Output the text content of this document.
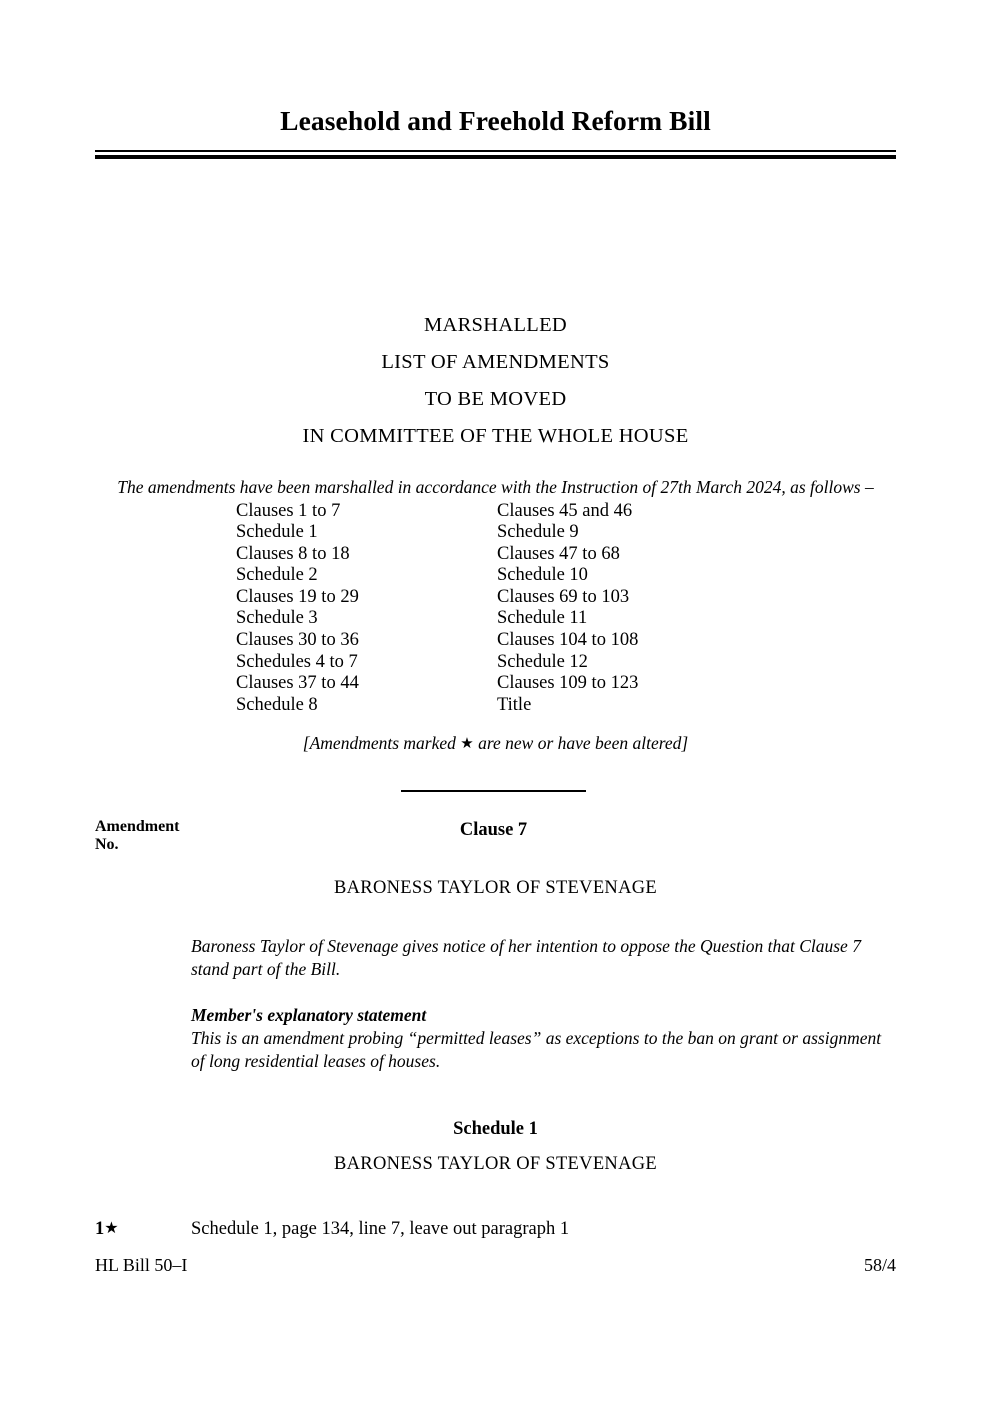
Leasehold and Freehold Reform Bill
MARSHALLED
LIST OF AMENDMENTS
TO BE MOVED
IN COMMITTEE OF THE WHOLE HOUSE
The amendments have been marshalled in accordance with the Instruction of 27th March 2024, as follows –
Clauses 1 to 7
Schedule 1
Clauses 8 to 18
Schedule 2
Clauses 19 to 29
Schedule 3
Clauses 30 to 36
Schedules 4 to 7
Clauses 37 to 44
Schedule 8
Clauses 45 and 46
Schedule 9
Clauses 47 to 68
Schedule 10
Clauses 69 to 103
Schedule 11
Clauses 104 to 108
Schedule 12
Clauses 109 to 123
Title
[Amendments marked ★ are new or have been altered]
Amendment
No.
Clause 7
BARONESS TAYLOR OF STEVENAGE
Baroness Taylor of Stevenage gives notice of her intention to oppose the Question that Clause 7 stand part of the Bill.
Member's explanatory statement
This is an amendment probing “permitted leases” as exceptions to the ban on grant or assignment of long residential leases of houses.
Schedule 1
BARONESS TAYLOR OF STEVENAGE
1★	Schedule 1, page 134, line 7, leave out paragraph 1
HL Bill 50–I	58/4
